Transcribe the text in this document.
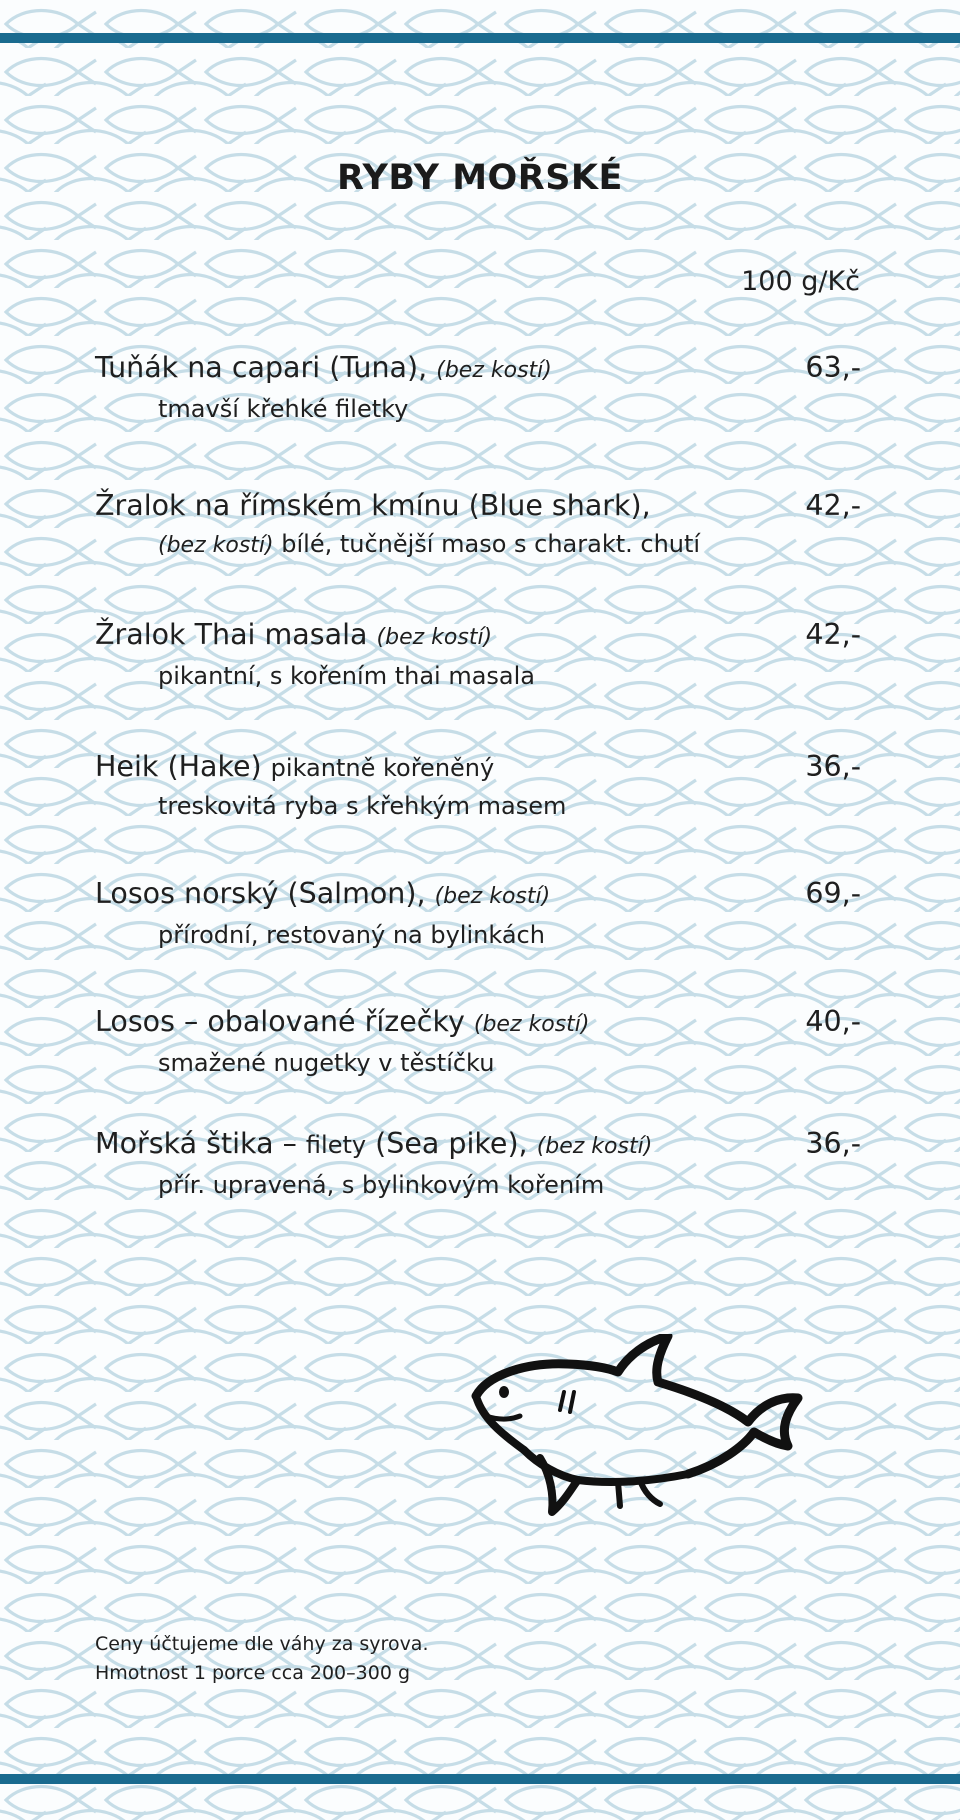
RYBY MOŘSKÉ
100 g/Kč
Tuňák na capari (Tuna), (bez kostí)	63,-
tmavší křehké filetky
Žralok na římském kmínu (Blue shark),	42,-
(bez kostí) bílé, tučnější maso s charakt. chutí
Žralok Thai masala (bez kostí)	42,-
pikantní, s kořením thai masala
Heik (Hake) pikantně kořeněný	36,-
treskovitá ryba s křehkým masem
Losos norský (Salmon), (bez kostí)	69,-
přírodní, restovaný na bylinkách
Losos – obalované řízečky (bez kostí)	40,-
smažené nugetky v těstíčku
Mořská štika – filety (Sea pike), (bez kostí)	36,-
přír. upravená, s bylinkovým kořením
Ceny účtujeme dle váhy za syrova.
Hmotnost 1 porce cca 200–300 g
